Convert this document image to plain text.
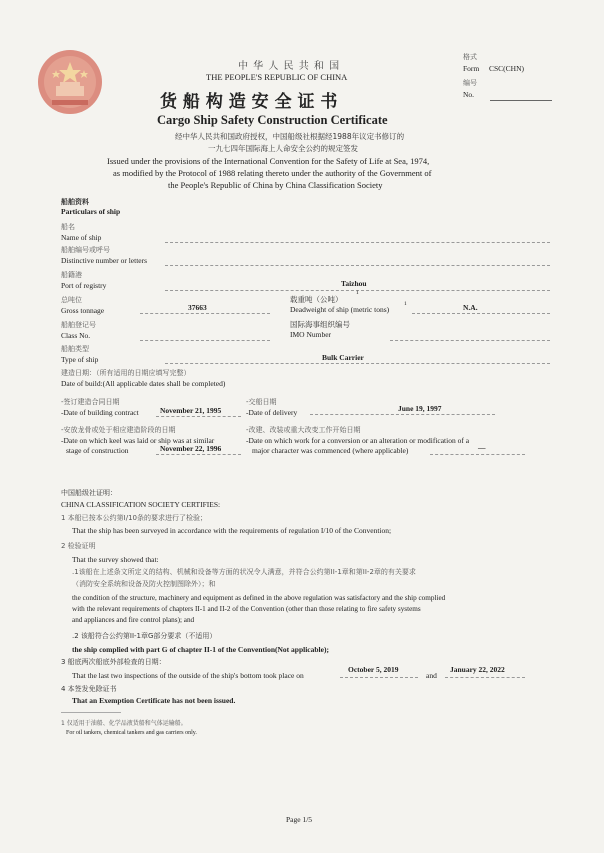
中 华 人 民 共 和 国
THE PEOPLE'S REPUBLIC OF CHINA
货 船 构 造 安 全 证 书
Cargo Ship Safety Construction Certificate
格式
Form CSC(CHN)
编号
No.
经中华人民共和国政府授权，中国船级社根据经1988年议定书修订的
一九七四年国际海上人命安全公约的规定签发
Issued under the provisions of the International Convention for the Safety of Life at Sea, 1974,
as modified by the Protocol of 1988 relating thereto under the authority of the Government of
the People's Republic of China by China Classification Society
船舶资料
Particulars of ship
船名
Name of ship
船舶编号或呼号
Distinctive number or letters
船籍港
Port of registry	Taizhou
总吨位
Gross tonnage	37663
载重吨（公吨）
1
Deadweight of ship (metric tons)
1	N.A.
船舶登记号
Class No.
国际海事组织编号
IMO Number
船舶类型
Type of ship	Bulk Carrier
建造日期：（所有适用的日期应填写完整）
Date of build:(All applicable dates shall be completed)
-签订建造合同日期
-Date of building contract	November 21, 1995
-交船日期
-Date of delivery	June 19, 1997
-安放龙骨或处于相应建造阶段的日期
-Date on which keel was laid or ship was at similar
stage of construction	November 22, 1996
-改建、改装或重大改变工作开始日期
-Date on which work for a conversion or an alteration or modification of a
major character was commenced (where applicable)	—
中国船级社证明：
CHINA CLASSIFICATION SOCIETY CERTIFIES:
1 本船已按本公约第I/10条的要求进行了检验；
That the ship has been surveyed in accordance with the requirements of regulation I/10 of the Convention;
2 检验证明
That the survey showed that:
.1该船在上述条文所定义的结构、机械和设备等方面的状况令人满意，并符合公约第II-1章和第II-2章的有关要求
（消防安全系统和设备及防火控制图除外）；和
the condition of the structure, machinery and equipment as defined in the above regulation was satisfactory and the ship complied
with the relevant requirements of chapters II-1 and II-2 of the Convention (other than those relating to fire safety systems
and appliances and fire control plans); and
.2 该船符合公约第II-1章G部分要求（不适用）
the ship complied with part G of chapter II-1 of the Convention(Not applicable);
3 船底两次船底外部检查的日期：
That the last two inspections of the outside of the ship's bottom took place on
October 5, 2019
and
January 22, 2022
4 本签发免除证书
That an Exemption Certificate has not been issued.
1 仅适用于油船、化学品液货船和气体运输船。
For oil tankers, chemical tankers and gas carriers only.
Page 1/5
